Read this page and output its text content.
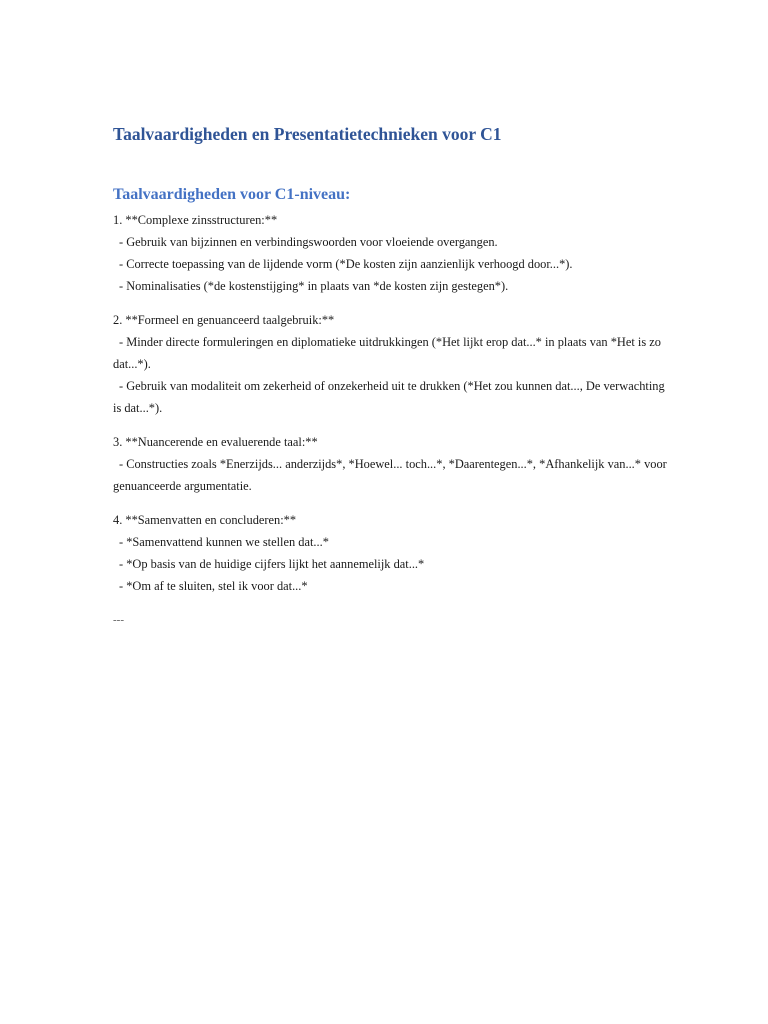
Taalvaardigheden en Presentatietechnieken voor C1
Taalvaardigheden voor C1-niveau:
1. **Complexe zinsstructuren:**
- Gebruik van bijzinnen en verbindingswoorden voor vloeiende overgangen.
- Correcte toepassing van de lijdende vorm (*De kosten zijn aanzienlijk verhoogd door...*).
- Nominalisaties (*de kostenstijging* in plaats van *de kosten zijn gestegen*).
2. **Formeel en genuanceerd taalgebruik:**
- Minder directe formuleringen en diplomatieke uitdrukkingen (*Het lijkt erop dat...* in plaats van *Het is zo dat...*).
- Gebruik van modaliteit om zekerheid of onzekerheid uit te drukken (*Het zou kunnen dat..., De verwachting is dat...*).
3. **Nuancerende en evaluerende taal:**
- Constructies zoals *Enerzijds... anderzijds*, *Hoewel... toch...*, *Daarentegen...*, *Afhankelijk van...* voor genuanceerde argumentatie.
4. **Samenvatten en concluderen:**
- *Samenvattend kunnen we stellen dat...*
- *Op basis van de huidige cijfers lijkt het aannemelijk dat...*
- *Om af te sluiten, stel ik voor dat...*
---
